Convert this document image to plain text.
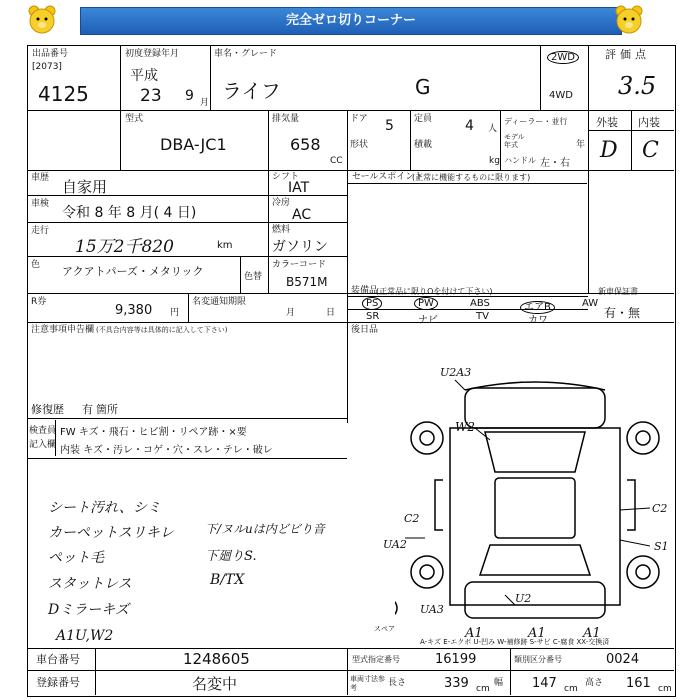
完全ゼロ切りコーナー
出品番号
[2073]
4125
初度登録年月
平成
23 9 月
車名・グレード
ライフ	G
2WD
4WD
評価点
3.5
型式
DBA-JC1
排気量
658
CC
ドア 5
形状
定員 4 人
積載
kg
ディーラー・並行
モデル年式	年
ハンドル 左・右
外装 内装
D C
車歴 自家用
シフト
IAT
車検
令和 8 年 8 月( 4 日)
冷房
AC
走行
15万2千820	km
燃料
ガソリン
色 アクアトパーズ・メタリック	色替
カラーコード
B571M
R券
9,380 円
名変通知期限
月	日
注意事項申告欄 (不具合内容等は具体的に記入して下さい)
修復歴 有 箇所
セールスポイント
(正常に機能するものに限ります)
装備品
(正常品に限りOを付けて下さい)
PS	PW	ABS	エアB	AW
SR	ナビ	TV	カワ
新車保証書
有・無
後日品
検査員
記入欄
FW キズ・飛石・ヒビ割・リペア跡・×要
内装 キズ・汚レ・コゲ・穴・スレ・テレ・破レ
シート汚れ、シミ
カーペットスリキレ
ペット毛
スタットレス
Dミラーキズ
A1U,W2
下/ヌルuは内どビり音
下廻りS.
B/TX
U2A3
W2
C2
C2
UA2	S1
U2
UA3
A1	A1	A1
スペア
A-キズ E-エクボ U-凹み W-補修跡 S-サビ C-腐食 XX-交換済
車台番号	1248605
登録番号	名変中
型式指定番号	16199	類別区分番号	0024
車両寸法参考	長さ	339 cm
幅 147 cm
高さ 161 cm
